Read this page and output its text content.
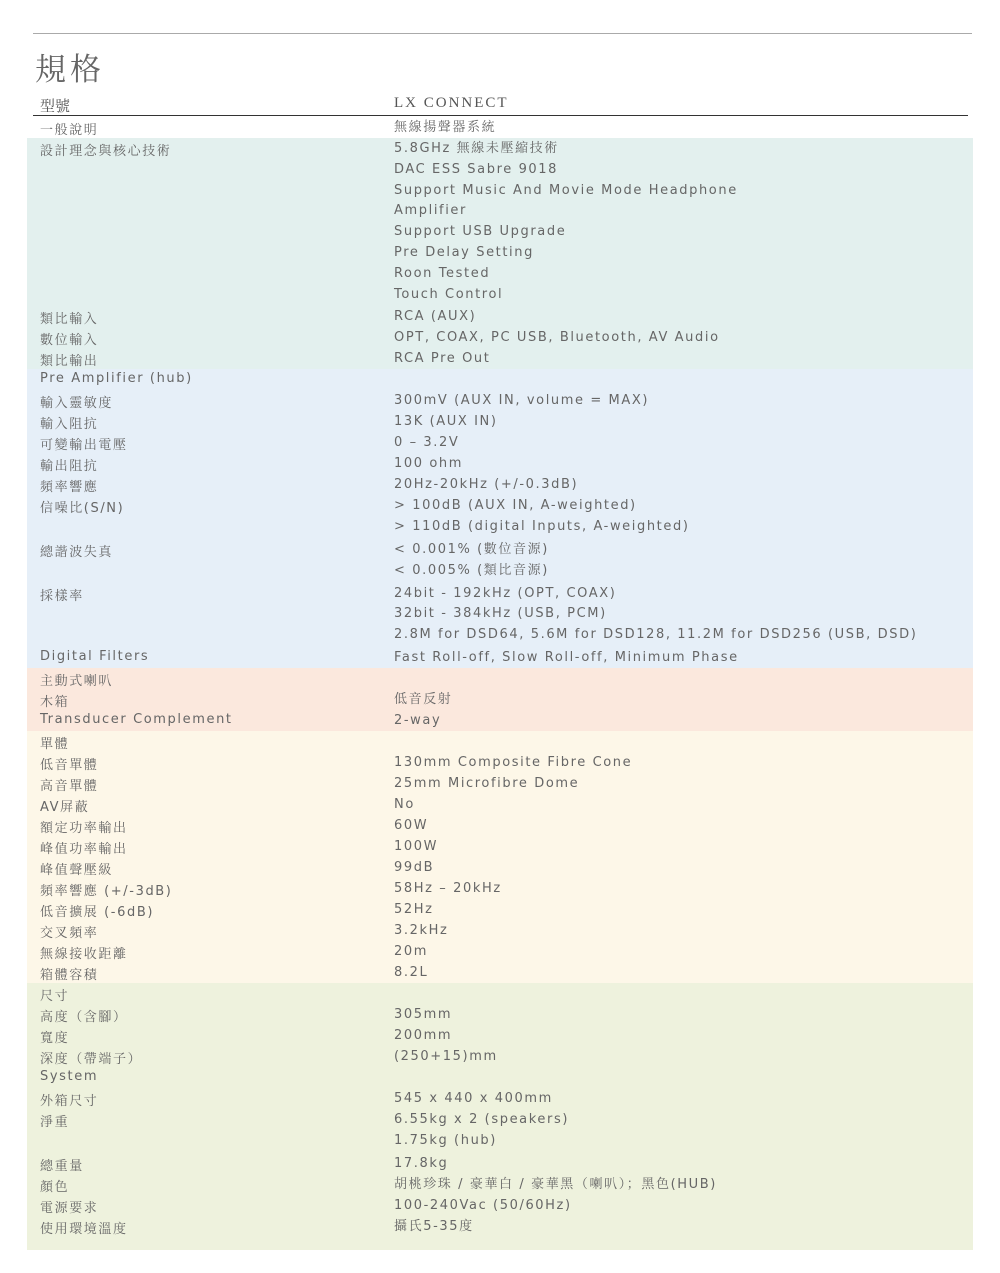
規格
型號	LX CONNECT
一般說明	無線揚聲器系統
設計理念與核心技術	5.8GHz 無線未壓縮技術
DAC ESS Sabre 9018
Support Music And Movie Mode Headphone
Amplifier
Support USB Upgrade
Pre Delay Setting
Roon Tested
Touch Control
類比輸入	RCA (AUX)
數位輸入	OPT, COAX, PC USB, Bluetooth, AV Audio
類比輸出	RCA Pre Out
Pre Amplifier (hub)
輸入靈敏度	300mV (AUX IN, volume = MAX)
輸入阻抗	13K (AUX IN)
可變輸出電壓	0 – 3.2V
輸出阻抗	100 ohm
頻率響應	20Hz-20kHz (+/-0.3dB)
信噪比(S/N)	> 100dB (AUX IN, A-weighted)
> 110dB (digital Inputs, A-weighted)
總諧波失真	< 0.001% (數位音源)
< 0.005% (類比音源)
採樣率	24bit - 192kHz (OPT, COAX)
32bit - 384kHz (USB, PCM)
2.8M for DSD64, 5.6M for DSD128, 11.2M for DSD256 (USB, DSD)
Digital Filters	Fast Roll-off, Slow Roll-off, Minimum Phase
主動式喇叭
木箱	低音反射
Transducer Complement	2-way
單體
低音單體	130mm Composite Fibre Cone
高音單體	25mm Microfibre Dome
AV屏蔽	No
額定功率輸出	60W
峰值功率輸出	100W
峰值聲壓級	99dB
頻率響應 (+/-3dB)	58Hz – 20kHz
低音擴展 (-6dB)	52Hz
交叉頻率	3.2kHz
無線接收距離	20m
箱體容積	8.2L
尺寸
高度（含腳）	305mm
寬度	200mm
深度（帶端子）	(250+15)mm
System
外箱尺寸	545 x 440 x 400mm
淨重	6.55kg x 2 (speakers)
1.75kg (hub)
總重量	17.8kg
顏色	胡桃珍珠 / 豪華白 / 豪華黑（喇叭）；黑色(HUB)
電源要求	100-240Vac (50/60Hz)
使用環境溫度	攝氏5-35度
